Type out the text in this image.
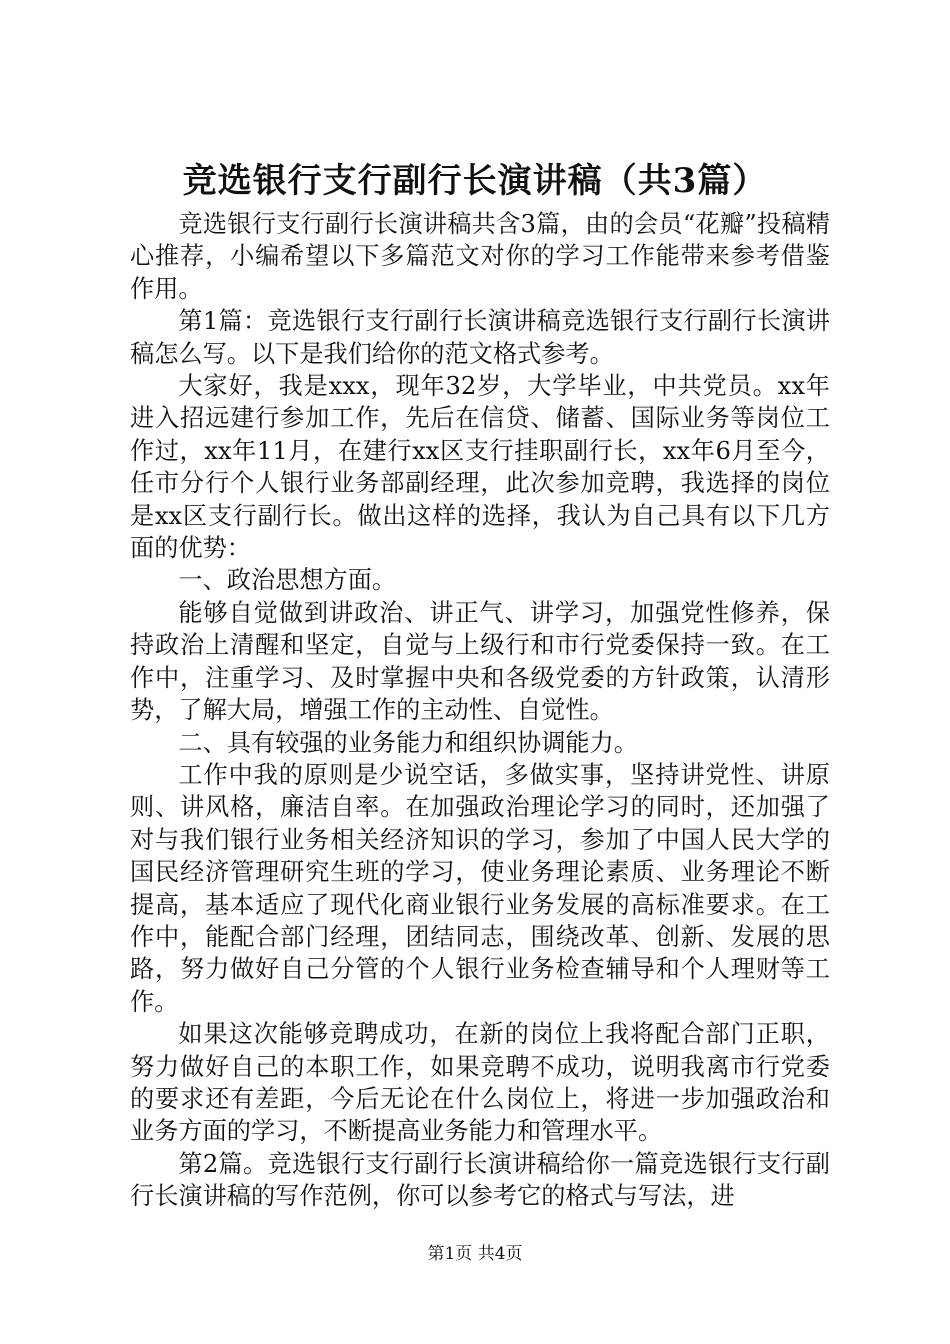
竞选银行支行副行长演讲稿（共3篇）

竞选银行支行副行长演讲稿共含3篇，由的会员“花瓣”投稿精心推荐，小编希望以下多篇范文对你的学习工作能带来参考借鉴作用。

第1篇：竞选银行支行副行长演讲稿竞选银行支行副行长演讲稿怎么写。以下是我们给你的范文格式参考。

大家好，我是xxx，现年32岁，大学毕业，中共党员。xx年进入招远建行参加工作，先后在信贷、储蓄、国际业务等岗位工作过，xx年11月，在建行xx区支行挂职副行长，xx年6月至今，任市分行个人银行业务部副经理，此次参加竞聘，我选择的岗位是xx区支行副行长。做出这样的选择，我认为自己具有以下几方面的优势：

一、政治思想方面。

能够自觉做到讲政治、讲正气、讲学习，加强党性修养，保持政治上清醒和坚定，自觉与上级行和市行党委保持一致。在工作中，注重学习、及时掌握中央和各级党委的方针政策，认清形势，了解大局，增强工作的主动性、自觉性。

二、具有较强的业务能力和组织协调能力。

工作中我的原则是少说空话，多做实事，坚持讲党性、讲原则、讲风格，廉洁自率。在加强政治理论学习的同时，还加强了对与我们银行业务相关经济知识的学习，参加了中国人民大学的国民经济管理研究生班的学习，使业务理论素质、业务理论不断提高，基本适应了现代化商业银行业务发展的高标准要求。在工作中，能配合部门经理，团结同志，围绕改革、创新、发展的思路，努力做好自己分管的个人银行业务检查辅导和个人理财等工作。

如果这次能够竞聘成功，在新的岗位上我将配合部门正职，努力做好自己的本职工作，如果竞聘不成功，说明我离市行党委的要求还有差距，今后无论在什么岗位上，将进一步加强政治和业务方面的学习，不断提高业务能力和管理水平。

第2篇。竞选银行支行副行长演讲稿给你一篇竞选银行支行副行长演讲稿的写作范例，你可以参考它的格式与写法，进

第1页 共4页
